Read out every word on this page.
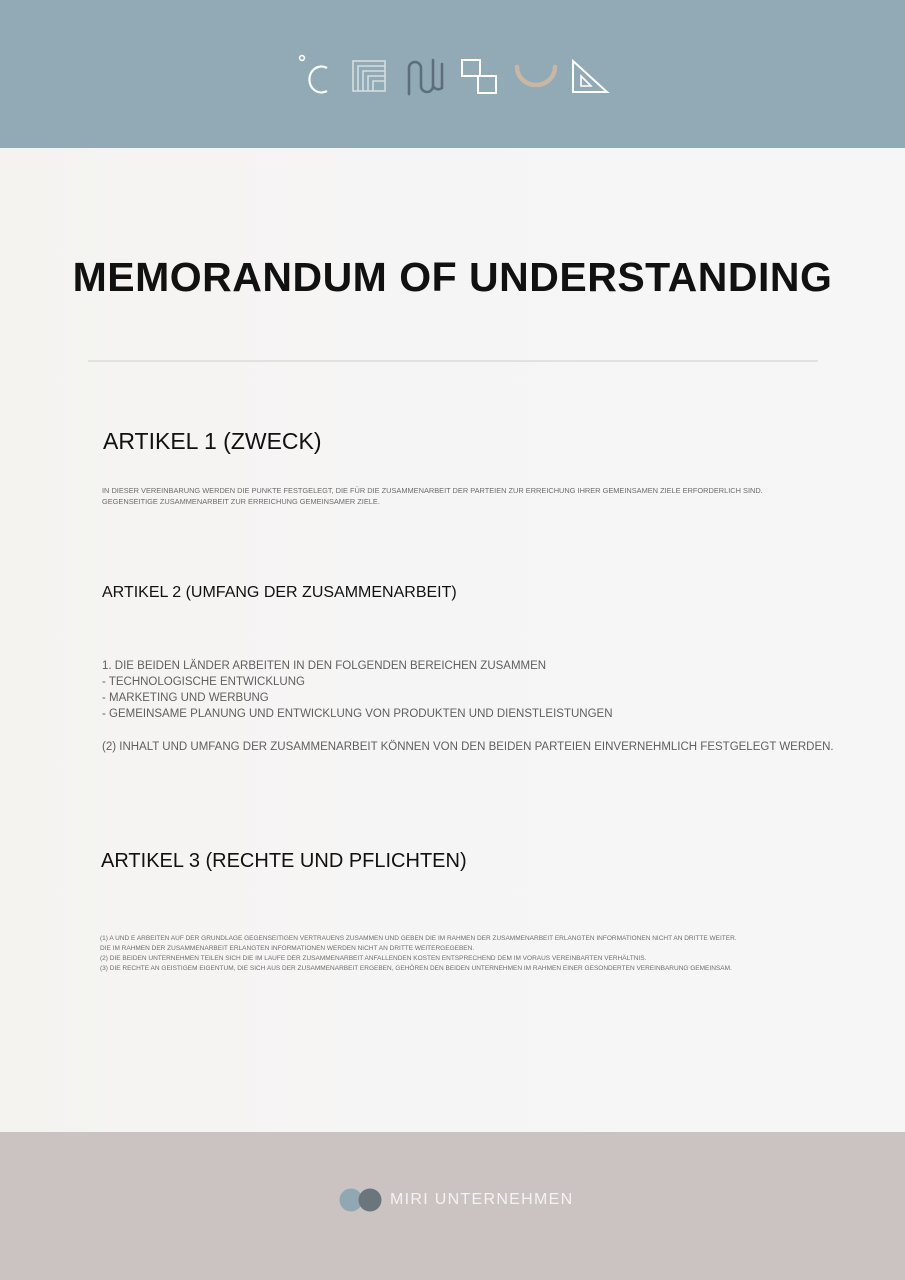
MEMORANDUM OF UNDERSTANDING
ARTIKEL 1 (ZWECK)
IN DIESER VEREINBARUNG WERDEN DIE PUNKTE FESTGELEGT, DIE FÜR DIE ZUSAMMENARBEIT DER PARTEIEN ZUR ERREICHUNG IHRER GEMEINSAMEN ZIELE ERFORDERLICH SIND.
GEGENSEITIGE ZUSAMMENARBEIT ZUR ERREICHUNG GEMEINSAMER ZIELE.
ARTIKEL 2 (UMFANG DER ZUSAMMENARBEIT)
1. DIE BEIDEN LÄNDER ARBEITEN IN DEN FOLGENDEN BEREICHEN ZUSAMMEN
- TECHNOLOGISCHE ENTWICKLUNG
- MARKETING UND WERBUNG
- GEMEINSAME PLANUNG UND ENTWICKLUNG VON PRODUKTEN UND DIENSTLEISTUNGEN
(2) INHALT UND UMFANG DER ZUSAMMENARBEIT KÖNNEN VON DEN BEIDEN PARTEIEN EINVERNEHMLICH FESTGELEGT WERDEN.
ARTIKEL 3 (RECHTE UND PFLICHTEN)
(1) A UND E ARBEITEN AUF DER GRUNDLAGE GEGENSEITIGEN VERTRAUENS ZUSAMMEN UND GEBEN DIE IM RAHMEN DER ZUSAMMENARBEIT ERLANGTEN INFORMATIONEN NICHT AN DRITTE WEITER.
DIE IM RAHMEN DER ZUSAMMENARBEIT ERLANGTEN INFORMATIONEN WERDEN NICHT AN DRITTE WEITERGEGEBEN.
(2) DIE BEIDEN UNTERNEHMEN TEILEN SICH DIE IM LAUFE DER ZUSAMMENARBEIT ANFALLENDEN KOSTEN ENTSPRECHEND DEM IM VORAUS VEREINBARTEN VERHÄLTNIS.
(3) DIE RECHTE AN GEISTIGEM EIGENTUM, DIE SICH AUS DER ZUSAMMENARBEIT ERGEBEN, GEHÖREN DEN BEIDEN UNTERNEHMEN IM RAHMEN EINER GESONDERTEN VEREINBARUNG GEMEINSAM.
MIRI UNTERNEHMEN
